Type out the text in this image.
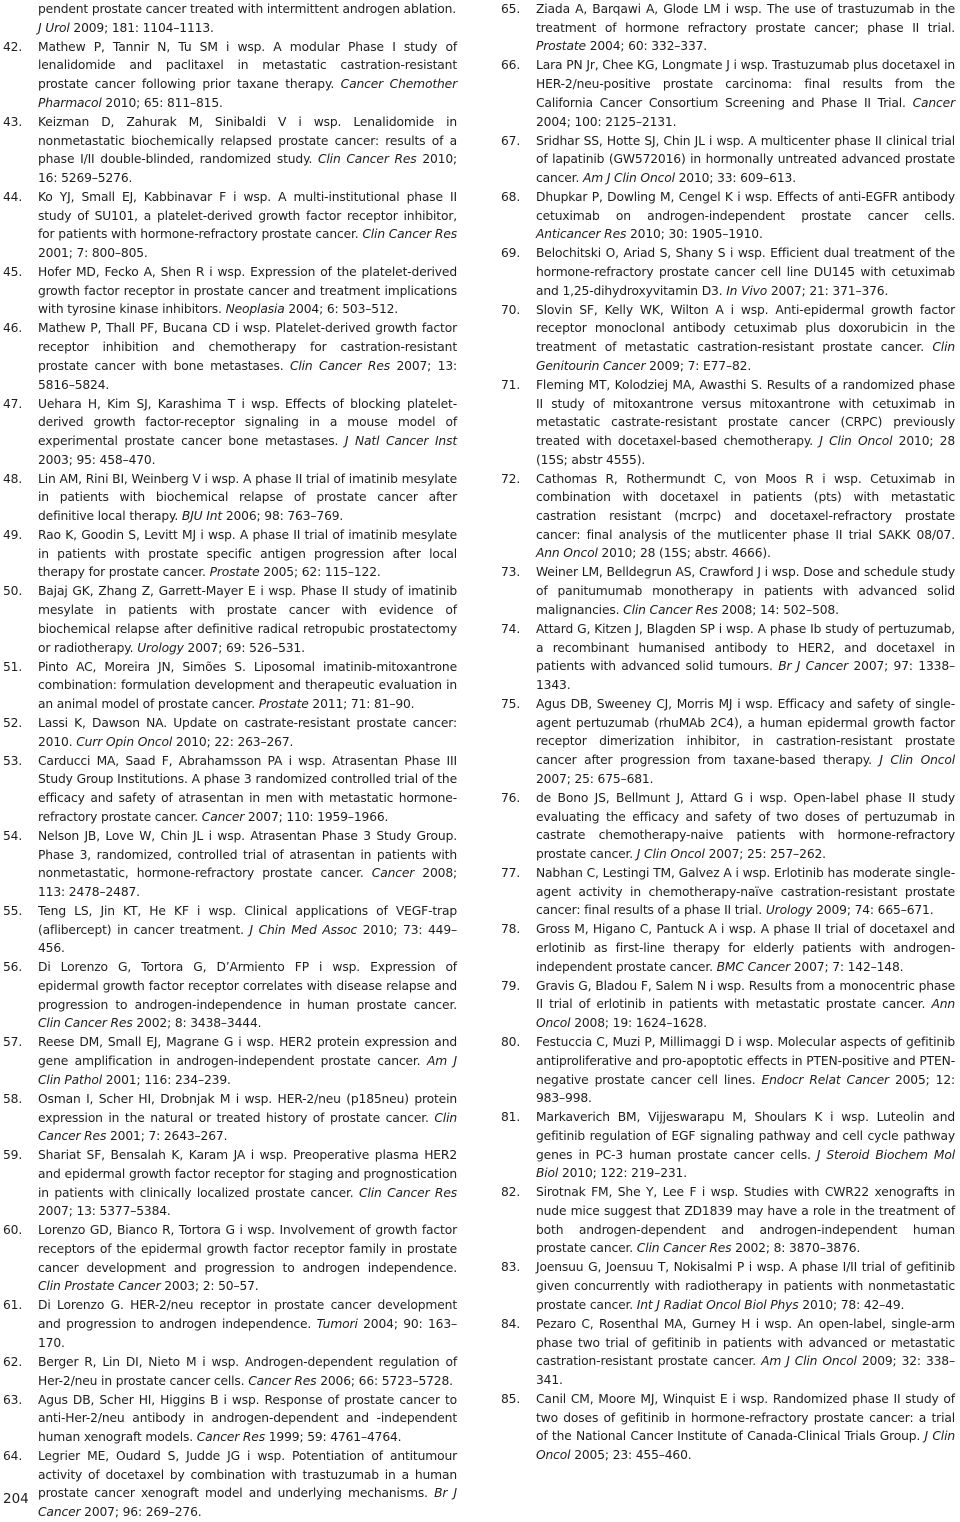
pendent prostate cancer treated with intermittent androgen ablation.
J Urol 2009; 181: 1104–1113.
42. Mathew P, Tannir N, Tu SM i wsp. A modular Phase I study of lenalidomide and paclitaxel in metastatic castration-resistant prostate cancer following prior taxane therapy. Cancer Chemother Pharmacol 2010; 65: 811–815.
43. Keizman D, Zahurak M, Sinibaldi V i wsp. Lenalidomide in nonmetastatic biochemically relapsed prostate cancer: results of a phase I/II double-blinded, randomized study. Clin Cancer Res 2010; 16: 5269–5276.
44. Ko YJ, Small EJ, Kabbinavar F i wsp. A multi-institutional phase II study of SU101, a platelet-derived growth factor receptor inhibitor, for patients with hormone-refractory prostate cancer. Clin Cancer Res 2001; 7: 800–805.
45. Hofer MD, Fecko A, Shen R i wsp. Expression of the platelet-derived growth factor receptor in prostate cancer and treatment implications with tyrosine kinase inhibitors. Neoplasia 2004; 6: 503–512.
46. Mathew P, Thall PF, Bucana CD i wsp. Platelet-derived growth factor receptor inhibition and chemotherapy for castration-resistant prostate cancer with bone metastases. Clin Cancer Res 2007; 13: 5816–5824.
47. Uehara H, Kim SJ, Karashima T i wsp. Effects of blocking platelet-derived growth factor-receptor signaling in a mouse model of experimental prostate cancer bone metastases. J Natl Cancer Inst 2003; 95: 458–470.
48. Lin AM, Rini BI, Weinberg V i wsp. A phase II trial of imatinib mesylate in patients with biochemical relapse of prostate cancer after definitive local therapy. BJU Int 2006; 98: 763–769.
49. Rao K, Goodin S, Levitt MJ i wsp. A phase II trial of imatinib mesylate in patients with prostate specific antigen progression after local therapy for prostate cancer. Prostate 2005; 62: 115–122.
50. Bajaj GK, Zhang Z, Garrett-Mayer E i wsp. Phase II study of imatinib mesylate in patients with prostate cancer with evidence of biochemical relapse after definitive radical retropubic prostatectomy or radiotherapy. Urology 2007; 69: 526–531.
51. Pinto AC, Moreira JN, Simões S. Liposomal imatinib-mitoxantrone combination: formulation development and therapeutic evaluation in an animal model of prostate cancer. Prostate 2011; 71: 81–90.
52. Lassi K, Dawson NA. Update on castrate-resistant prostate cancer: 2010. Curr Opin Oncol 2010; 22: 263–267.
53. Carducci MA, Saad F, Abrahamsson PA i wsp. Atrasentan Phase III Study Group Institutions. A phase 3 randomized controlled trial of the efficacy and safety of atrasentan in men with metastatic hormone-refractory prostate cancer. Cancer 2007; 110: 1959–1966.
54. Nelson JB, Love W, Chin JL i wsp. Atrasentan Phase 3 Study Group. Phase 3, randomized, controlled trial of atrasentan in patients with nonmetastatic, hormone-refractory prostate cancer. Cancer 2008; 113: 2478–2487.
55. Teng LS, Jin KT, He KF i wsp. Clinical applications of VEGF-trap (aflibercept) in cancer treatment. J Chin Med Assoc 2010; 73: 449–456.
56. Di Lorenzo G, Tortora G, D’Armiento FP i wsp. Expression of epidermal growth factor receptor correlates with disease relapse and progression to androgen-independence in human prostate cancer. Clin Cancer Res 2002; 8: 3438–3444.
57. Reese DM, Small EJ, Magrane G i wsp. HER2 protein expression and gene amplification in androgen-independent prostate cancer. Am J Clin Pathol 2001; 116: 234–239.
58. Osman I, Scher HI, Drobnjak M i wsp. HER-2/neu (p185neu) protein expression in the natural or treated history of prostate cancer. Clin Cancer Res 2001; 7: 2643–267.
59. Shariat SF, Bensalah K, Karam JA i wsp. Preoperative plasma HER2 and epidermal growth factor receptor for staging and prognostication in patients with clinically localized prostate cancer. Clin Cancer Res 2007; 13: 5377–5384.
60. Lorenzo GD, Bianco R, Tortora G i wsp. Involvement of growth factor receptors of the epidermal growth factor receptor family in prostate cancer development and progression to androgen independence. Clin Prostate Cancer 2003; 2: 50–57.
61. Di Lorenzo G. HER-2/neu receptor in prostate cancer development and progression to androgen independence. Tumori 2004; 90: 163–170.
62. Berger R, Lin DI, Nieto M i wsp. Androgen-dependent regulation of Her-2/neu in prostate cancer cells. Cancer Res 2006; 66: 5723–5728.
63. Agus DB, Scher HI, Higgins B i wsp. Response of prostate cancer to anti-Her-2/neu antibody in androgen-dependent and -independent human xenograft models. Cancer Res 1999; 59: 4761–4764.
64. Legrier ME, Oudard S, Judde JG i wsp. Potentiation of antitumour activity of docetaxel by combination with trastuzumab in a human prostate cancer xenograft model and underlying mechanisms. Br J Cancer 2007; 96: 269–276.
65. Ziada A, Barqawi A, Glode LM i wsp. The use of trastuzumab in the treatment of hormone refractory prostate cancer; phase II trial. Prostate 2004; 60: 332–337.
66. Lara PN Jr, Chee KG, Longmate J i wsp. Trastuzumab plus docetaxel in HER-2/neu-positive prostate carcinoma: final results from the California Cancer Consortium Screening and Phase II Trial. Cancer 2004; 100: 2125–2131.
67. Sridhar SS, Hotte SJ, Chin JL i wsp. A multicenter phase II clinical trial of lapatinib (GW572016) in hormonally untreated advanced prostate cancer. Am J Clin Oncol 2010; 33: 609–613.
68. Dhupkar P, Dowling M, Cengel K i wsp. Effects of anti-EGFR antibody cetuximab on androgen-independent prostate cancer cells. Anticancer Res 2010; 30: 1905–1910.
69. Belochitski O, Ariad S, Shany S i wsp. Efficient dual treatment of the hormone-refractory prostate cancer cell line DU145 with cetuximab and 1,25-dihydroxyvitamin D3. In Vivo 2007; 21: 371–376.
70. Slovin SF, Kelly WK, Wilton A i wsp. Anti-epidermal growth factor receptor monoclonal antibody cetuximab plus doxorubicin in the treatment of metastatic castration-resistant prostate cancer. Clin Genitourin Cancer 2009; 7: E77–82.
71. Fleming MT, Kolodziej MA, Awasthi S. Results of a randomized phase II study of mitoxantrone versus mitoxantrone with cetuximab in metastatic castrate-resistant prostate cancer (CRPC) previously treated with docetaxel-based chemotherapy. J Clin Oncol 2010; 28 (15S; abstr 4555).
72. Cathomas R, Rothermundt C, von Moos R i wsp. Cetuximab in combination with docetaxel in patients (pts) with metastatic castration resistant (mcrpc) and docetaxel-refractory prostate cancer: final analysis of the mutlicenter phase II trial SAKK 08/07. Ann Oncol 2010; 28 (15S; abstr. 4666).
73. Weiner LM, Belldegrun AS, Crawford J i wsp. Dose and schedule study of panitumumab monotherapy in patients with advanced solid malignancies. Clin Cancer Res 2008; 14: 502–508.
74. Attard G, Kitzen J, Blagden SP i wsp. A phase Ib study of pertuzumab, a recombinant humanised antibody to HER2, and docetaxel in patients with advanced solid tumours. Br J Cancer 2007; 97: 1338–1343.
75. Agus DB, Sweeney CJ, Morris MJ i wsp. Efficacy and safety of single-agent pertuzumab (rhuMAb 2C4), a human epidermal growth factor receptor dimerization inhibitor, in castration-resistant prostate cancer after progression from taxane-based therapy. J Clin Oncol 2007; 25: 675–681.
76. de Bono JS, Bellmunt J, Attard G i wsp. Open-label phase II study evaluating the efficacy and safety of two doses of pertuzumab in castrate chemotherapy-naive patients with hormone-refractory prostate cancer. J Clin Oncol 2007; 25: 257–262.
77. Nabhan C, Lestingi TM, Galvez A i wsp. Erlotinib has moderate single-agent activity in chemotherapy-naïve castration-resistant prostate cancer: final results of a phase II trial. Urology 2009; 74: 665–671.
78. Gross M, Higano C, Pantuck A i wsp. A phase II trial of docetaxel and erlotinib as first-line therapy for elderly patients with androgen-independent prostate cancer. BMC Cancer 2007; 7: 142–148.
79. Gravis G, Bladou F, Salem N i wsp. Results from a monocentric phase II trial of erlotinib in patients with metastatic prostate cancer. Ann Oncol 2008; 19: 1624–1628.
80. Festuccia C, Muzi P, Millimaggi D i wsp. Molecular aspects of gefitinib antiproliferative and pro-apoptotic effects in PTEN-positive and PTEN-negative prostate cancer cell lines. Endocr Relat Cancer 2005; 12: 983–998.
81. Markaverich BM, Vijjeswarapu M, Shoulars K i wsp. Luteolin and gefitinib regulation of EGF signaling pathway and cell cycle pathway genes in PC-3 human prostate cancer cells. J Steroid Biochem Mol Biol 2010; 122: 219–231.
82. Sirotnak FM, She Y, Lee F i wsp. Studies with CWR22 xenografts in nude mice suggest that ZD1839 may have a role in the treatment of both androgen-dependent and androgen-independent human prostate cancer. Clin Cancer Res 2002; 8: 3870–3876.
83. Joensuu G, Joensuu T, Nokisalmi P i wsp. A phase I/II trial of gefitinib given concurrently with radiotherapy in patients with nonmetastatic prostate cancer. Int J Radiat Oncol Biol Phys 2010; 78: 42–49.
84. Pezaro C, Rosenthal MA, Gurney H i wsp. An open-label, single-arm phase two trial of gefitinib in patients with advanced or metastatic castration-resistant prostate cancer. Am J Clin Oncol 2009; 32: 338–341.
85. Canil CM, Moore MJ, Winquist E i wsp. Randomized phase II study of two doses of gefitinib in hormone-refractory prostate cancer: a trial of the National Cancer Institute of Canada-Clinical Trials Group. J Clin Oncol 2005; 23: 455–460.
204
